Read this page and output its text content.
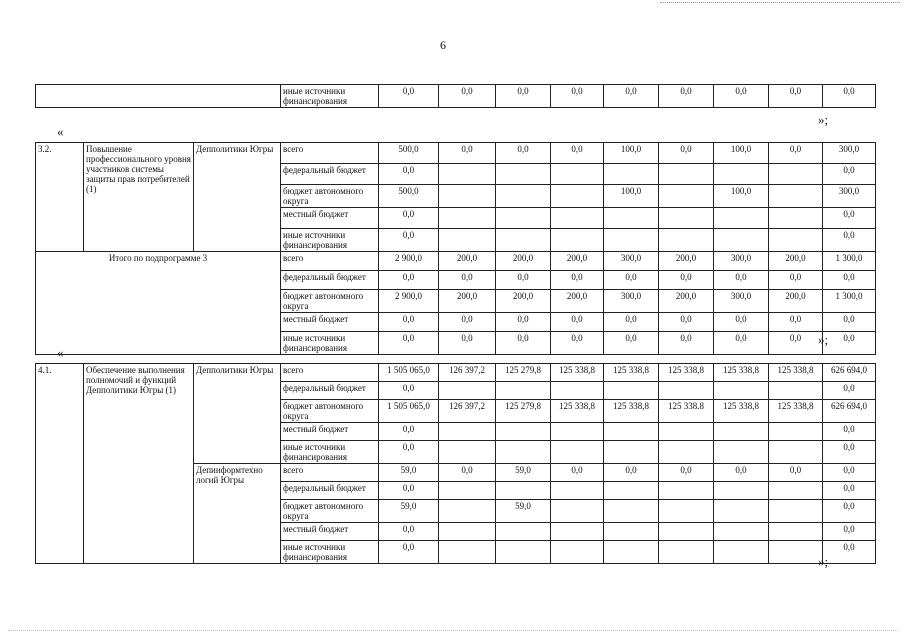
6
	иные источники финансирования	0,0	0,0	0,0	0,0	0,0	0,0	0,0	0,0	0,0
»;
«
3.2.	Повышение профессионального уровня участников системы защиты прав потребителей (1)	Депполитики Югры	всего	500,0	0,0	0,0	0,0	100,0	0,0	100,0	0,0	300,0
			федеральный бюджет	0,0								0,0
			бюджет автономного округа	500,0				100,0		100,0		300,0
			местный бюджет	0,0								0,0
			иные источники финансирования	0,0								0,0
Итого по подпрограмме 3			всего	2 900,0	200,0	200,0	200,0	300,0	200,0	300,0	200,0	1 300,0
			федеральный бюджет	0,0	0,0	0,0	0,0	0,0	0,0	0,0	0,0	0,0
			бюджет автономного округа	2 900,0	200,0	200,0	200,0	300,0	200,0	300,0	200,0	1 300,0
			местный бюджет	0,0	0,0	0,0	0,0	0,0	0,0	0,0	0,0	0,0
			иные источники финансирования	0,0	0,0	0,0	0,0	0,0	0,0	0,0	0,0	0,0
»;
«
4.1.	Обеспечение выполнения полномочий и функций Депполитики Югры (1)	Депполитики Югры	всего	1 505 065,0	126 397,2	125 279,8	125 338,8	125 338,8	125 338,8	125 338,8	125 338,8	626 694,0
			федеральный бюджет	0,0								0,0
			бюджет автономного округа	1 505 065,0	126 397,2	125 279,8	125 338,8	125 338,8	125 338.8	125 338,8	125 338,8	626 694,0
			местный бюджет	0,0								0,0
			иные источники финансирования	0,0								0,0
		Депинформтехно логий Югры	всего	59,0	0,0	59,0	0,0	0,0	0,0	0,0	0,0	0,0
			федеральный бюджет	0,0								0,0
			бюджет автономного округа	59,0		59,0						0,0
			местный бюджет	0,0								0,0
			иные источники финансирования	0,0								0,0
»;
